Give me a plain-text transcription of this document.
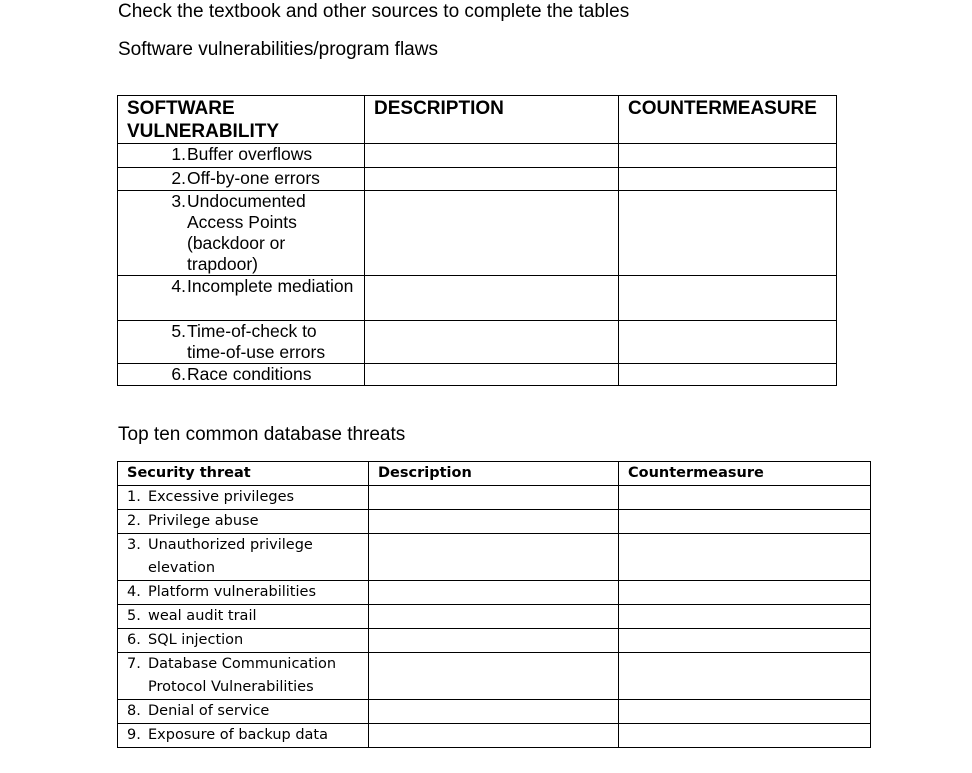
Check the textbook and other sources to complete the tables
Software vulnerabilities/program flaws
SOFTWARE VULNERABILITY	DESCRIPTION	COUNTERMEASURE
1.Buffer overflows		
2.Off-by-one errors		
3.Undocumented Access Points (backdoor or trapdoor)		
4.Incomplete mediation		
5.Time-of-check to time-of-use errors		
6.Race conditions		
Top ten common database threats
Security threat	Description	Countermeasure
1. Excessive privileges		
2. Privilege abuse		
3. Unauthorized privilege elevation		
4. Platform vulnerabilities		
5. weal audit trail		
6. SQL injection		
7. Database Communication Protocol Vulnerabilities		
8. Denial of service		
9. Exposure of backup data		
